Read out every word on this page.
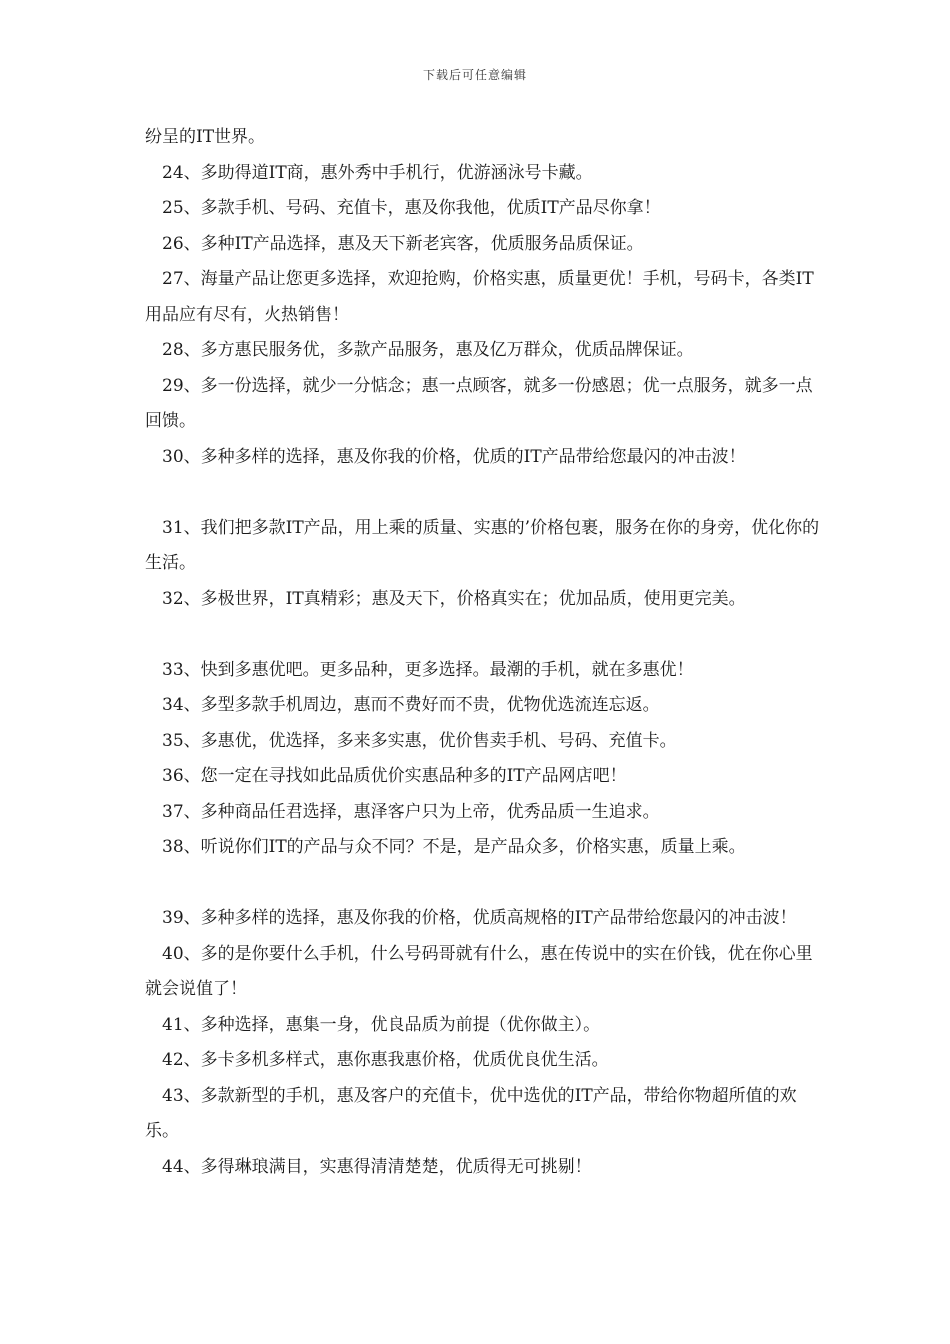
下载后可任意编辑

纷呈的IT世界。

24、多助得道IT商，惠外秀中手机行，优游涵泳号卡藏。

25、多款手机、号码、充值卡，惠及你我他，优质IT产品尽你拿！

26、多种IT产品选择，惠及天下新老宾客，优质服务品质保证。

27、海量产品让您更多选择，欢迎抢购，价格实惠，质量更优！手机，号码卡，各类IT用品应有尽有，火热销售！

28、多方惠民服务优，多款产品服务，惠及亿万群众，优质品牌保证。

29、多一份选择，就少一分惦念；惠一点顾客，就多一份感恩；优一点服务，就多一点回馈。

30、多种多样的选择，惠及你我的价格，优质的IT产品带给您最闪的冲击波！

31、我们把多款IT产品，用上乘的质量、实惠的’价格包裹，服务在你的身旁，优化你的生活。

32、多极世界，IT真精彩；惠及天下，价格真实在；优加品质，使用更完美。

33、快到多惠优吧。更多品种，更多选择。最潮的手机，就在多惠优！

34、多型多款手机周边，惠而不费好而不贵，优物优选流连忘返。

35、多惠优，优选择，多来多实惠，优价售卖手机、号码、充值卡。

36、您一定在寻找如此品质优价实惠品种多的IT产品网店吧！

37、多种商品任君选择，惠泽客户只为上帝，优秀品质一生追求。

38、听说你们IT的产品与众不同？不是，是产品众多，价格实惠，质量上乘。

39、多种多样的选择，惠及你我的价格，优质高规格的IT产品带给您最闪的冲击波！

40、多的是你要什么手机，什么号码哥就有什么，惠在传说中的实在价钱，优在你心里就会说值了！

41、多种选择，惠集一身，优良品质为前提（优你做主）。

42、多卡多机多样式，惠你惠我惠价格，优质优良优生活。

43、多款新型的手机，惠及客户的充值卡，优中选优的IT产品，带给你物超所值的欢乐。

44、多得琳琅满目，实惠得清清楚楚，优质得无可挑剔！
